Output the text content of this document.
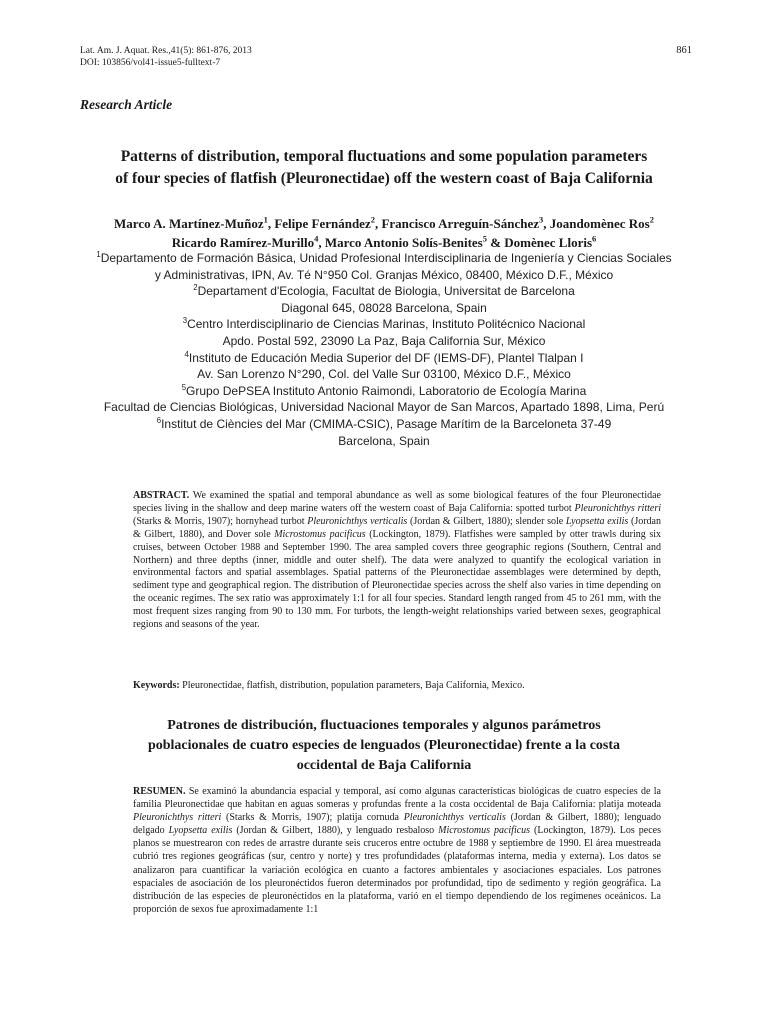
Lat. Am. J. Aquat. Res.,41(5): 861-876, 2013
DOI: 103856/vol41-issue5-fulltext-7
861
Research Article
Patterns of distribution, temporal fluctuations and some population parameters
of four species of flatfish (Pleuronectidae) off the western coast of Baja California
Marco A. Martínez-Muñoz$^1$, Felipe Fernández$^2$, Francisco Arreguín-Sánchez$^3$, Joandomènec Ros$^2$
Ricardo Ramírez-Murillo$^4$, Marco Antonio Solís-Benites$^5$ & Domènec Lloris$^6$
$^1$Departamento de Formación Básica, Unidad Profesional Interdisciplinaria de Ingeniería y Ciencias Sociales
y Administrativas, IPN, Av. Té N°950 Col. Granjas México, 08400, México D.F., México
$^2$Departament d'Ecologia, Facultat de Biologia, Universitat de Barcelona
Diagonal 645, 08028 Barcelona, Spain
$^3$Centro Interdisciplinario de Ciencias Marinas, Instituto Politécnico Nacional
Apdo. Postal 592, 23090 La Paz, Baja California Sur, México
$^4$Instituto de Educación Media Superior del DF (IEMS-DF), Plantel Tlalpan I
Av. San Lorenzo N°290, Col. del Valle Sur 03100, México D.F., México
$^5$Grupo DePSEA Instituto Antonio Raimondi, Laboratorio de Ecología Marina
Facultad de Ciencias Biológicas, Universidad Nacional Mayor de San Marcos, Apartado 1898, Lima, Perú
$^6$Institut de Ciències del Mar (CMIMA-CSIC), Pasage Marítim de la Barceloneta 37-49
Barcelona, Spain
ABSTRACT. We examined the spatial and temporal abundance as well as some biological features of the four Pleuronectidae species living in the shallow and deep marine waters off the western coast of Baja California: spotted turbot Pleuronichthys ritteri (Starks & Morris, 1907); hornyhead turbot Pleuronichthys verticalis (Jordan & Gilbert, 1880); slender sole Lyopsetta exilis (Jordan & Gilbert, 1880), and Dover sole Microstomus pacificus (Lockington, 1879). Flatfishes were sampled by otter trawls during six cruises, between October 1988 and September 1990. The area sampled covers three geographic regions (Southern, Central and Northern) and three depths (inner, middle and outer shelf). The data were analyzed to quantify the ecological variation in environmental factors and spatial assemblages. Spatial patterns of the Pleuronectidae assemblages were determined by depth, sediment type and geographical region. The distribution of Pleuronectidae species across the shelf also varies in time depending on the oceanic regimes. The sex ratio was approximately 1:1 for all four species. Standard length ranged from 45 to 261 mm, with the most frequent sizes ranging from 90 to 130 mm. For turbots, the length-weight relationships varied between sexes, geographical regions and seasons of the year.
Keywords: Pleuronectidae, flatfish, distribution, population parameters, Baja California, Mexico.
Patrones de distribución, fluctuaciones temporales y algunos parámetros
poblacionales de cuatro especies de lenguados (Pleuronectidae) frente a la costa
occidental de Baja California
RESUMEN. Se examinó la abundancia espacial y temporal, así como algunas características biológicas de cuatro especies de la familia Pleuronectidae que habitan en aguas someras y profundas frente a la costa occidental de Baja California: platija moteada Pleuronichthys ritteri (Starks & Morris, 1907); platija cornuda Pleuronichthys verticalis (Jordan & Gilbert, 1880); lenguado delgado Lyopsetta exilis (Jordan & Gilbert, 1880), y lenguado resbaloso Microstomus pacificus (Lockington, 1879). Los peces planos se muestrearon con redes de arrastre durante seis cruceros entre octubre de 1988 y septiembre de 1990. El área muestreada cubrió tres regiones geográficas (sur, centro y norte) y tres profundidades (plataformas interna, media y externa). Los datos se analizaron para cuantificar la variación ecológica en cuanto a factores ambientales y asociaciones espaciales. Los patrones espaciales de asociación de los pleuronéctidos fueron determinados por profundidad, tipo de sedimento y región geográfica. La distribución de las especies de pleuronéctidos en la plataforma, varió en el tiempo dependiendo de los regímenes oceánicos. La proporción de sexos fue aproximadamente 1:1
